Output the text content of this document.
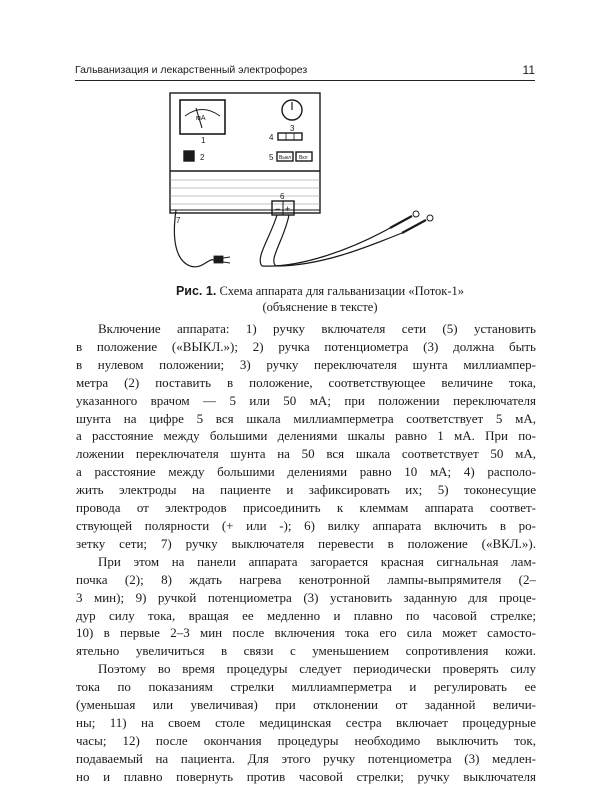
Гальванизация и лекарственный электрофорез	11
мА
1
3
2
4
5
6
7
Выкл Вкл
− +
Рис. 1. Схема аппарата для гальванизации «Поток-1»
(объяснение в тексте)
Включение аппарата: 1) ручку включателя сети (5) установить
в положение («ВЫКЛ.»); 2) ручка потенциометра (3) должна быть
в нулевом положении; 3) ручку переключателя шунта миллиампер-
метра (2) поставить в положение, соответствующее величине тока,
указанного врачом — 5 или 50 мА; при положении переключателя
шунта на цифре 5 вся шкала миллиамперметра соответствует 5 мА,
а расстояние между большими делениями шкалы равно 1 мА. При по-
ложении переключателя шунта на 50 вся шкала соответствует 50 мА,
а расстояние между большими делениями равно 10 мА; 4) располо-
жить электроды на пациенте и зафиксировать их; 5) токонесущие
провода от электродов присоединить к клеммам аппарата соответ-
ствующей полярности (+ или -); 6) вилку аппарата включить в ро-
зетку сети; 7) ручку выключателя перевести в положение («ВКЛ.»).
При этом на панели аппарата загорается красная сигнальная лам-
почка (2); 8) ждать нагрева кенотронной лампы-выпрямителя (2–
3 мин); 9) ручкой потенциометра (3) установить заданную для проце-
дур силу тока, вращая ее медленно и плавно по часовой стрелке;
10) в первые 2–3 мин после включения тока его сила может самосто-
ятельно увеличиться в связи с уменьшением сопротивления кожи.
Поэтому во время процедуры следует периодически проверять силу
тока по показаниям стрелки миллиамперметра и регулировать ее
(уменьшая или увеличивая) при отклонении от заданной величи-
ны; 11) на своем столе медицинская сестра включает процедурные
часы; 12) после окончания процедуры необходимо выключить ток,
подаваемый на пациента. Для этого ручку потенциометра (3) медлен-
но и плавно повернуть против часовой стрелки; ручку выключателя
